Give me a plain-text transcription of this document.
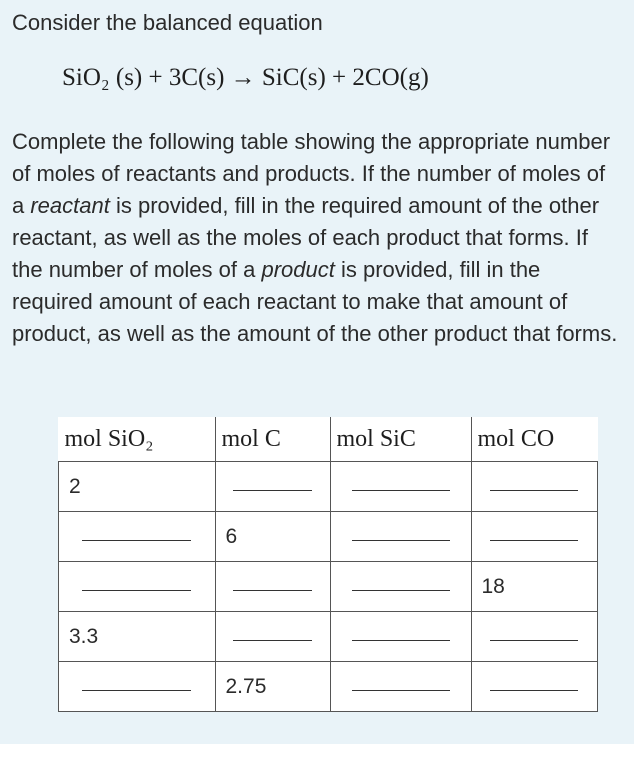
Consider the balanced equation

SiO₂ (s) + 3C(s) → SiC(s) + 2CO(g)

Complete the following table showing the appropriate number of moles of reactants and products. If the number of moles of a reactant is provided, fill in the required amount of the other reactant, as well as the moles of each product that forms. If the number of moles of a product is provided, fill in the required amount of each reactant to make that amount of product, as well as the amount of the other product that forms.

mol SiO₂	mol C	mol SiC	mol CO

2			

	6		

			18

3.3			

	2.75		
